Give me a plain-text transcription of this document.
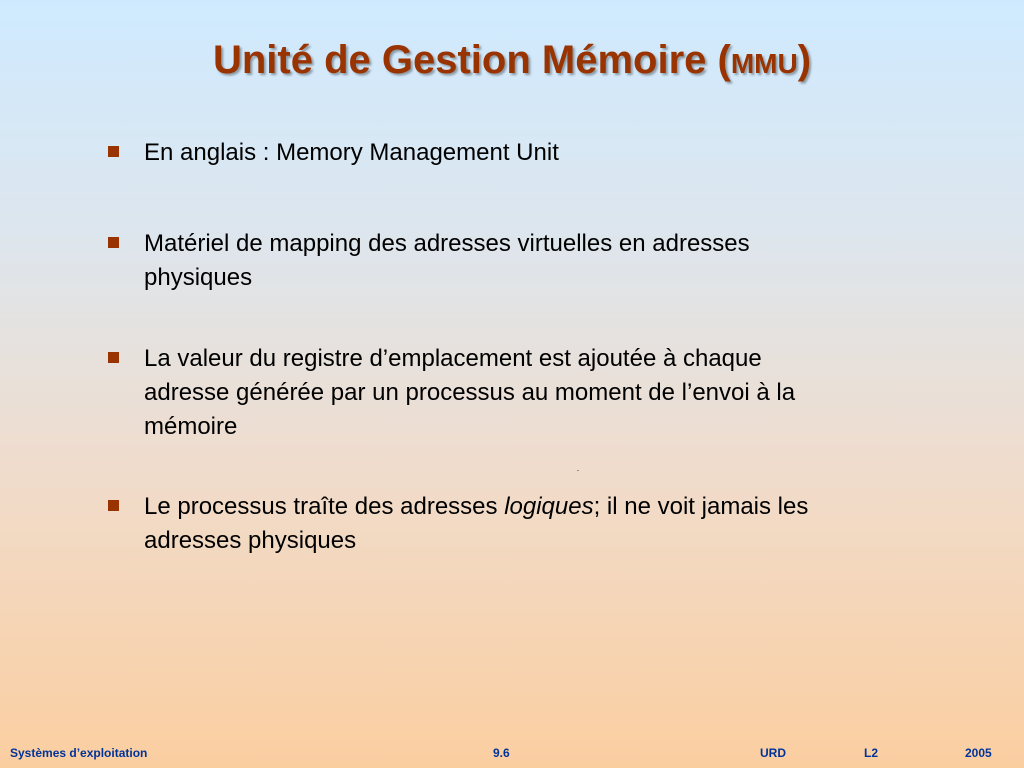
Unité de Gestion Mémoire (MMU)
En anglais : Memory Management Unit
Matériel de mapping des adresses virtuelles en adresses
physiques
La valeur du registre d’emplacement est ajoutée à chaque
adresse générée par un processus au moment de l’envoi à la
mémoire
Le processus traîte des adresses logiques; il ne voit jamais les
adresses physiques
Systèmes d’exploitation	9.6	URD	L2	2005
